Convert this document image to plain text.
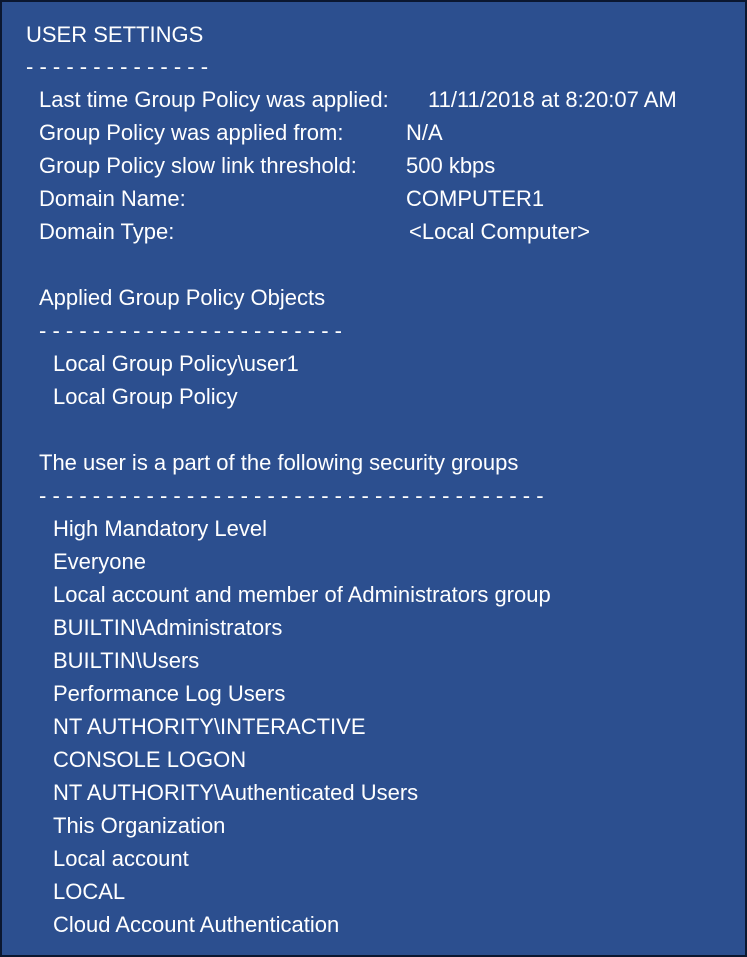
USER SETTINGS
- - - - - - - - - - - - - -
Last time Group Policy was applied: 11/11/2018 at 8:20:07 AM
Group Policy was applied from:	N/A
Group Policy slow link threshold: 500 kbps
Domain Name:	COMPUTER1
Domain Type:	<Local Computer>
Applied Group Policy Objects
- - - - - - - - - - - - - - - - - - - - - - -
Local Group Policy\user1
Local Group Policy
The user is a part of the following security groups
- - - - - - - - - - - - - - - - - - - - - - - - - - - - - - - - - - - - - -
High Mandatory Level
Everyone
Local account and member of Administrators group
BUILTIN\Administrators
BUILTIN\Users
Performance Log Users
NT AUTHORITY\INTERACTIVE
CONSOLE LOGON
NT AUTHORITY\Authenticated Users
This Organization
Local account
LOCAL
Cloud Account Authentication
